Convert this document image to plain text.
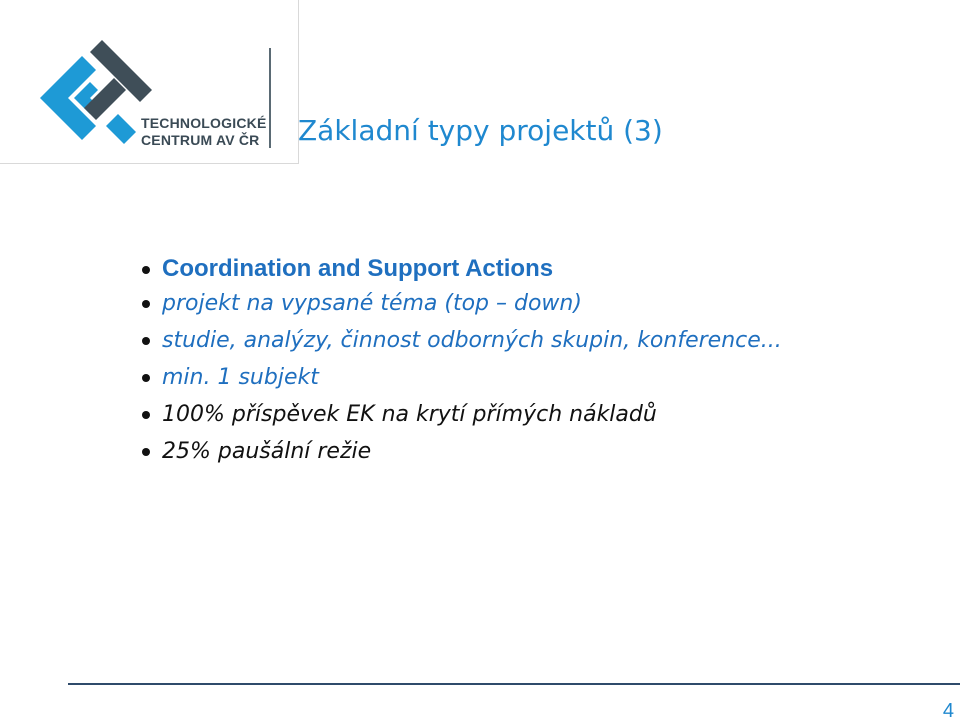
TECHNOLOGICKÉ
CENTRUM AV ČR Základní typy projektů (3)
Coordination and Support Actions
projekt na vypsané téma (top – down)
studie, analýzy, činnost odborných skupin, konference...
min. 1 subjekt
100% příspěvek EK na krytí přímých nákladů
25% paušální režie
4
